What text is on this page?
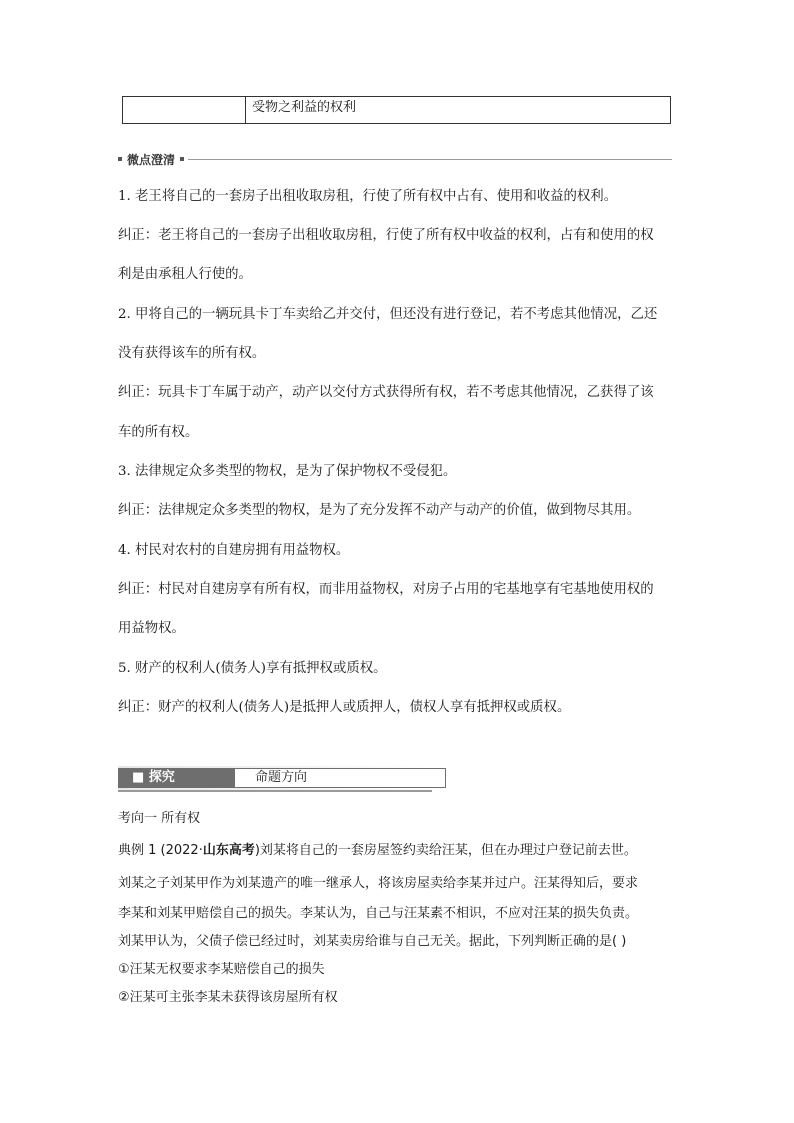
受物之利益的权利
微点澄清
1. 老王将自己的一套房子出租收取房租，行使了所有权中占有、使用和收益的权利。
纠正：老王将自己的一套房子出租收取房租，行使了所有权中收益的权利，占有和使用的权
利是由承租人行使的。
2. 甲将自己的一辆玩具卡丁车卖给乙并交付，但还没有进行登记，若不考虑其他情况，乙还
没有获得该车的所有权。
纠正：玩具卡丁车属于动产，动产以交付方式获得所有权，若不考虑其他情况，乙获得了该
车的所有权。
3. 法律规定众多类型的物权，是为了保护物权不受侵犯。
纠正：法律规定众多类型的物权，是为了充分发挥不动产与动产的价值，做到物尽其用。
4. 村民对农村的自建房拥有用益物权。
纠正：村民对自建房享有所有权，而非用益物权，对房子占用的宅基地享有宅基地使用权的
用益物权。
5. 财产的权利人(债务人)享有抵押权或质权。
纠正：财产的权利人(债务人)是抵押人或质押人，债权人享有抵押权或质权。
■ 探究	命题方向
考向一 所有权
典例 1 (2022·山东高考)刘某将自己的一套房屋签约卖给汪某，但在办理过户登记前去世。
刘某之子刘某甲作为刘某遗产的唯一继承人，将该房屋卖给李某并过户。汪某得知后，要求
李某和刘某甲赔偿自己的损失。李某认为，自己与汪某素不相识，不应对汪某的损失负责。
刘某甲认为，父债子偿已经过时，刘某卖房给谁与自己无关。据此，下列判断正确的是( )
①汪某无权要求李某赔偿自己的损失
②汪某可主张李某未获得该房屋所有权
